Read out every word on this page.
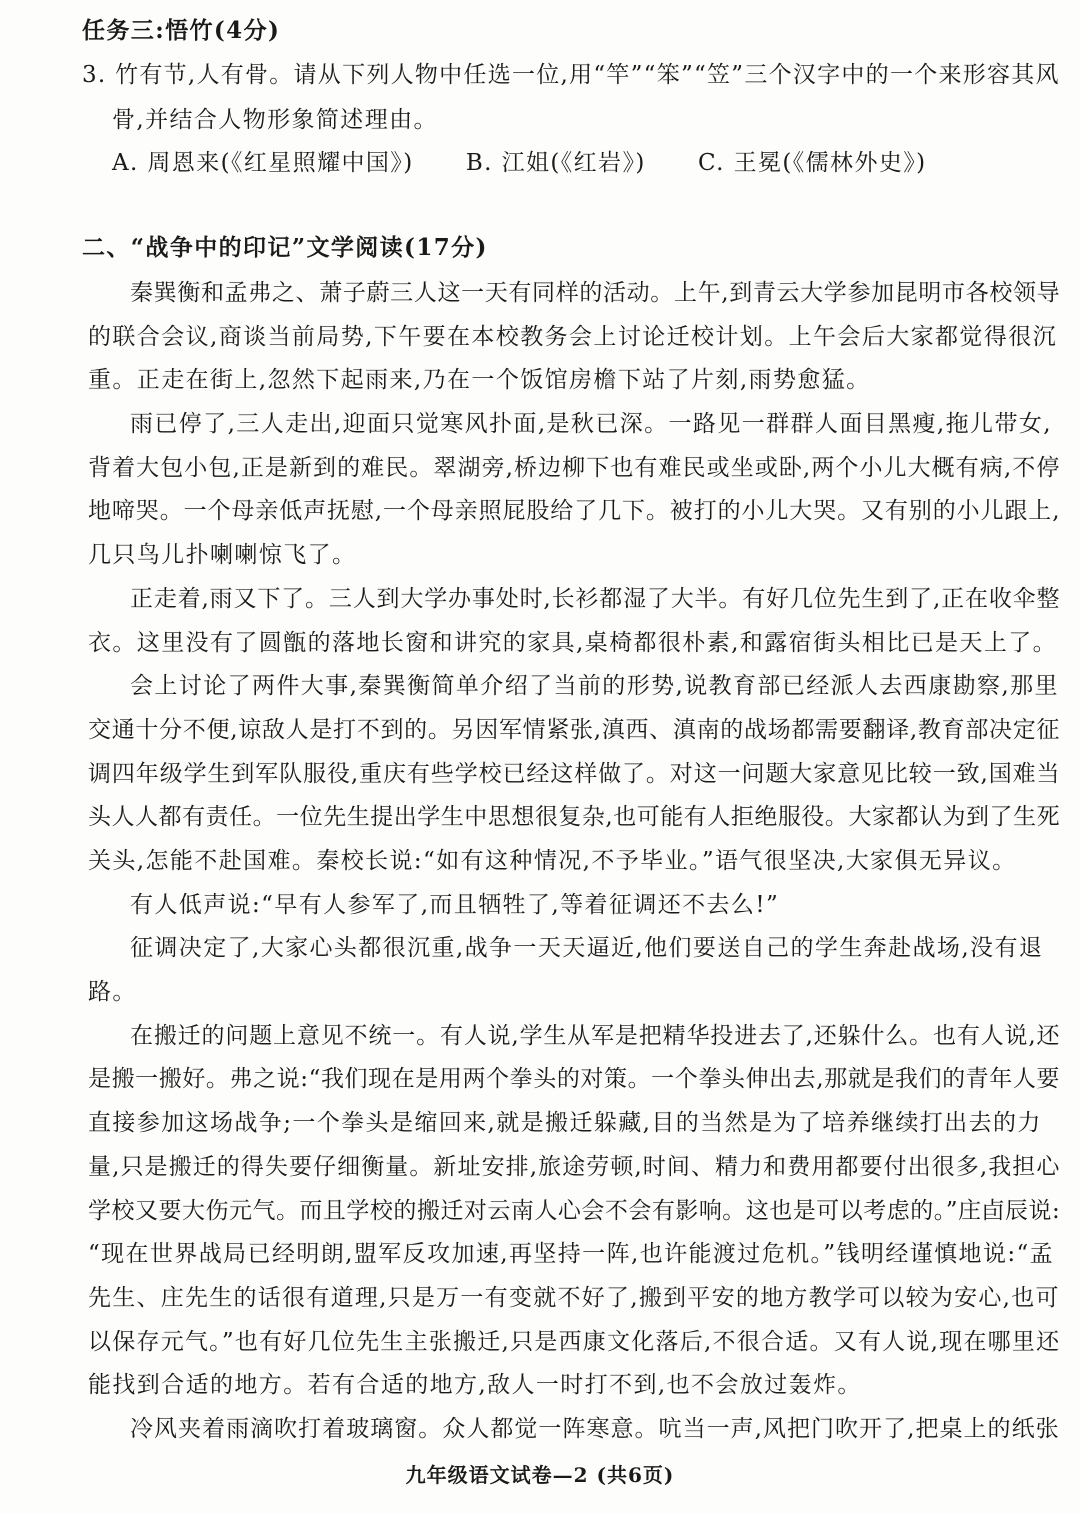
任务三:悟竹(4分)
3. 竹有节,人有骨。请从下列人物中任选一位,用“竿”“笨”“笠”三个汉字中的一个来形容其风
骨,并结合人物形象简述理由。
A. 周恩来(《红星照耀中国》)      B. 江姐(《红岩》)      C. 王冕(《儒林外史》)
二、“战争中的印记”文学阅读(17分)
秦巽衡和孟弗之、萧子蔚三人这一天有同样的活动。上午,到青云大学参加昆明市各校领导
的联合会议,商谈当前局势,下午要在本校教务会上讨论迁校计划。上午会后大家都觉得很沉
重。正走在街上,忽然下起雨来,乃在一个饭馆房檐下站了片刻,雨势愈猛。
雨已停了,三人走出,迎面只觉寒风扑面,是秋已深。一路见一群群人面目黑瘦,拖儿带女,
背着大包小包,正是新到的难民。翠湖旁,桥边柳下也有难民或坐或卧,两个小儿大概有病,不停
地啼哭。一个母亲低声抚慰,一个母亲照屁股给了几下。被打的小儿大哭。又有别的小儿跟上,
几只鸟儿扑喇喇惊飞了。
正走着,雨又下了。三人到大学办事处时,长衫都湿了大半。有好几位先生到了,正在收伞整
衣。这里没有了圆甑的落地长窗和讲究的家具,桌椅都很朴素,和露宿街头相比已是天上了。
会上讨论了两件大事,秦巽衡简单介绍了当前的形势,说教育部已经派人去西康勘察,那里
交通十分不便,谅敌人是打不到的。另因军情紧张,滇西、滇南的战场都需要翻译,教育部决定征
调四年级学生到军队服役,重庆有些学校已经这样做了。对这一问题大家意见比较一致,国难当
头人人都有责任。一位先生提出学生中思想很复杂,也可能有人拒绝服役。大家都认为到了生死
关头,怎能不赴国难。秦校长说:“如有这种情况,不予毕业。”语气很坚决,大家俱无异议。
有人低声说:“早有人参军了,而且牺牲了,等着征调还不去么!”
征调决定了,大家心头都很沉重,战争一天天逼近,他们要送自己的学生奔赴战场,没有退
路。
在搬迁的问题上意见不统一。有人说,学生从军是把精华投进去了,还躲什么。也有人说,还
是搬一搬好。弗之说:“我们现在是用两个拳头的对策。一个拳头伸出去,那就是我们的青年人要
直接参加这场战争;一个拳头是缩回来,就是搬迁躲藏,目的当然是为了培养继续打出去的力
量,只是搬迁的得失要仔细衡量。新址安排,旅途劳顿,时间、精力和费用都要付出很多,我担心
学校又要大伤元气。而且学校的搬迁对云南人心会不会有影响。这也是可以考虑的。”庄卣辰说:
“现在世界战局已经明朗,盟军反攻加速,再坚持一阵,也许能渡过危机。”钱明经谨慎地说:“孟
先生、庄先生的话很有道理,只是万一有变就不好了,搬到平安的地方教学可以较为安心,也可
以保存元气。”也有好几位先生主张搬迁,只是西康文化落后,不很合适。又有人说,现在哪里还
能找到合适的地方。若有合适的地方,敌人一时打不到,也不会放过轰炸。
冷风夹着雨滴吹打着玻璃窗。众人都觉一阵寒意。吭当一声,风把门吹开了,把桌上的纸张
九年级语文试卷—2 (共6页)
